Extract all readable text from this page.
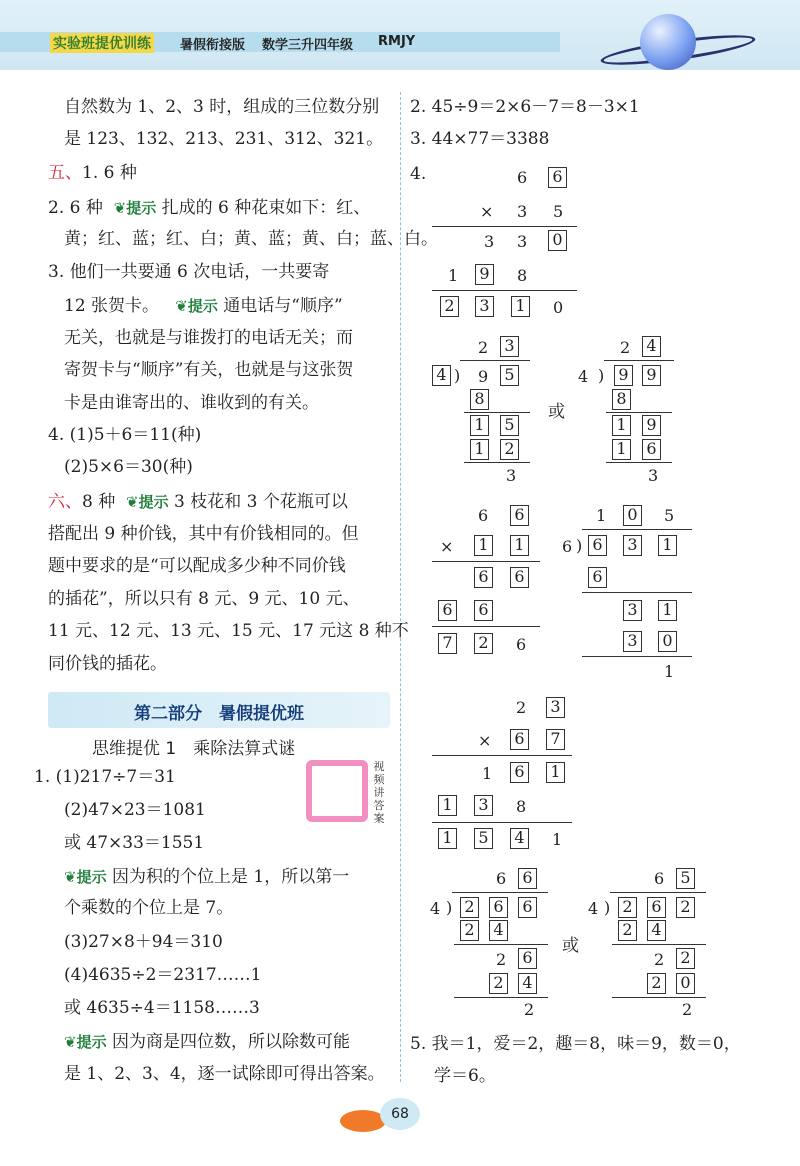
实验班提优训练 暑假衔接版 数学三升四年级 RMJY
自然数为 1、2、3 时，组成的三位数分别
是 123、132、213、231、312、321。
五、1. 6 种
2. 6 种 ❦提示 扎成的 6 种花束如下：红、
黄；红、蓝；红、白；黄、蓝；黄、白；蓝、白。
3. 他们一共要通 6 次电话，一共要寄
12 张贺卡。 ❦提示 通电话与“顺序”
无关，也就是与谁拨打的电话无关；而
寄贺卡与“顺序”有关，也就是与这张贺
卡是由谁寄出的、谁收到的有关。
4. (1)5＋6＝11(种)
(2)5×6＝30(种)
六、8 种 ❦提示 3 枝花和 3 个花瓶可以
搭配出 9 种价钱，其中有价钱相同的。但
题中要求的是“可以配成多少种不同价钱
的插花”，所以只有 8 元、9 元、10 元、
11 元、12 元、13 元、15 元、17 元这 8 种不
同价钱的插花。
第二部分　暑假提优班
思维提优 1　乘除法算式谜
视频讲答案
1. (1)217÷7＝31
(2)47×23＝1081
或 47×33＝1551
❦提示 因为积的个位上是 1，所以第一
个乘数的个位上是 7。
(3)27×8＋94＝310
(4)4635÷2＝2317……1
或 4635÷4＝1158……3
❦提示 因为商是四位数，所以除数可能
是 1、2、3、4，逐一试除即可得出答案。
2. 45÷9＝2×6－7＝8－3×1
3. 44×77＝3388
4.	6 6
× 3 5
3 3 0
1 9 8
2 3 1 0
2 3
4 ) 9 5
8
1 5
1 2
3
或
2 4
4 ) 9 9
8
1 9
1 6
3
6 6
× 1 1
6 6
6 6
7 2 6
1 0 5
6 ) 6 3 1
6
3 1
3 0
1
2 3
× 6 7
1 6 1
1 3 8
1 5 4 1
6 6
4 ) 2 6 6
2 4
2 6
2 4
2
或
6 5
4 ) 2 6 2
2 4
2 2
2 0
2
5. 我＝1，爱＝2，趣＝8，味＝9，数＝0，
学＝6。
68
